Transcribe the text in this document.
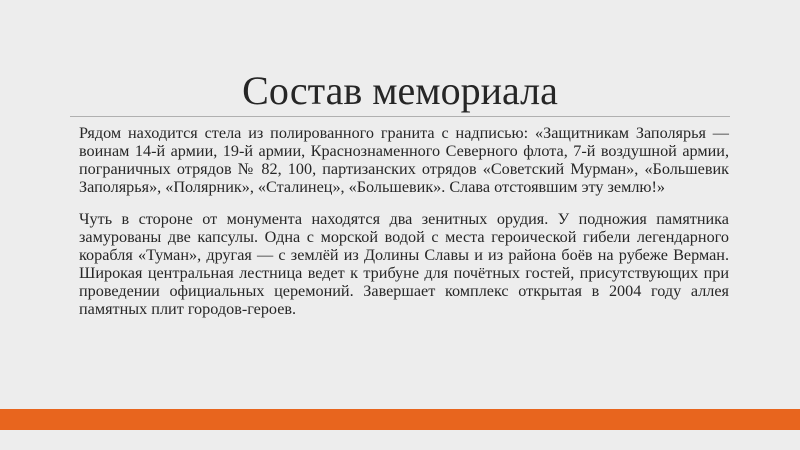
Состав мемориала

Рядом находится стела из полированного гранита с надписью: «Защитникам Заполярья — воинам 14-й армии, 19-й армии, Краснознаменного Северного флота, 7-й воздушной армии, пограничных отрядов № 82, 100, партизанских отрядов «Советский Мурман», «Большевик Заполярья», «Полярник», «Сталинец», «Большевик». Слава отстоявшим эту землю!»

Чуть в стороне от монумента находятся два зенитных орудия. У подножия памятника замурованы две капсулы. Одна с морской водой с места героической гибели легендарного корабля «Туман», другая — с землёй из Долины Славы и из района боёв на рубеже Верман. Широкая центральная лестница ведет к трибуне для почётных гостей, присутствующих при проведении официальных церемоний. Завершает комплекс открытая в 2004 году аллея памятных плит городов-героев.
